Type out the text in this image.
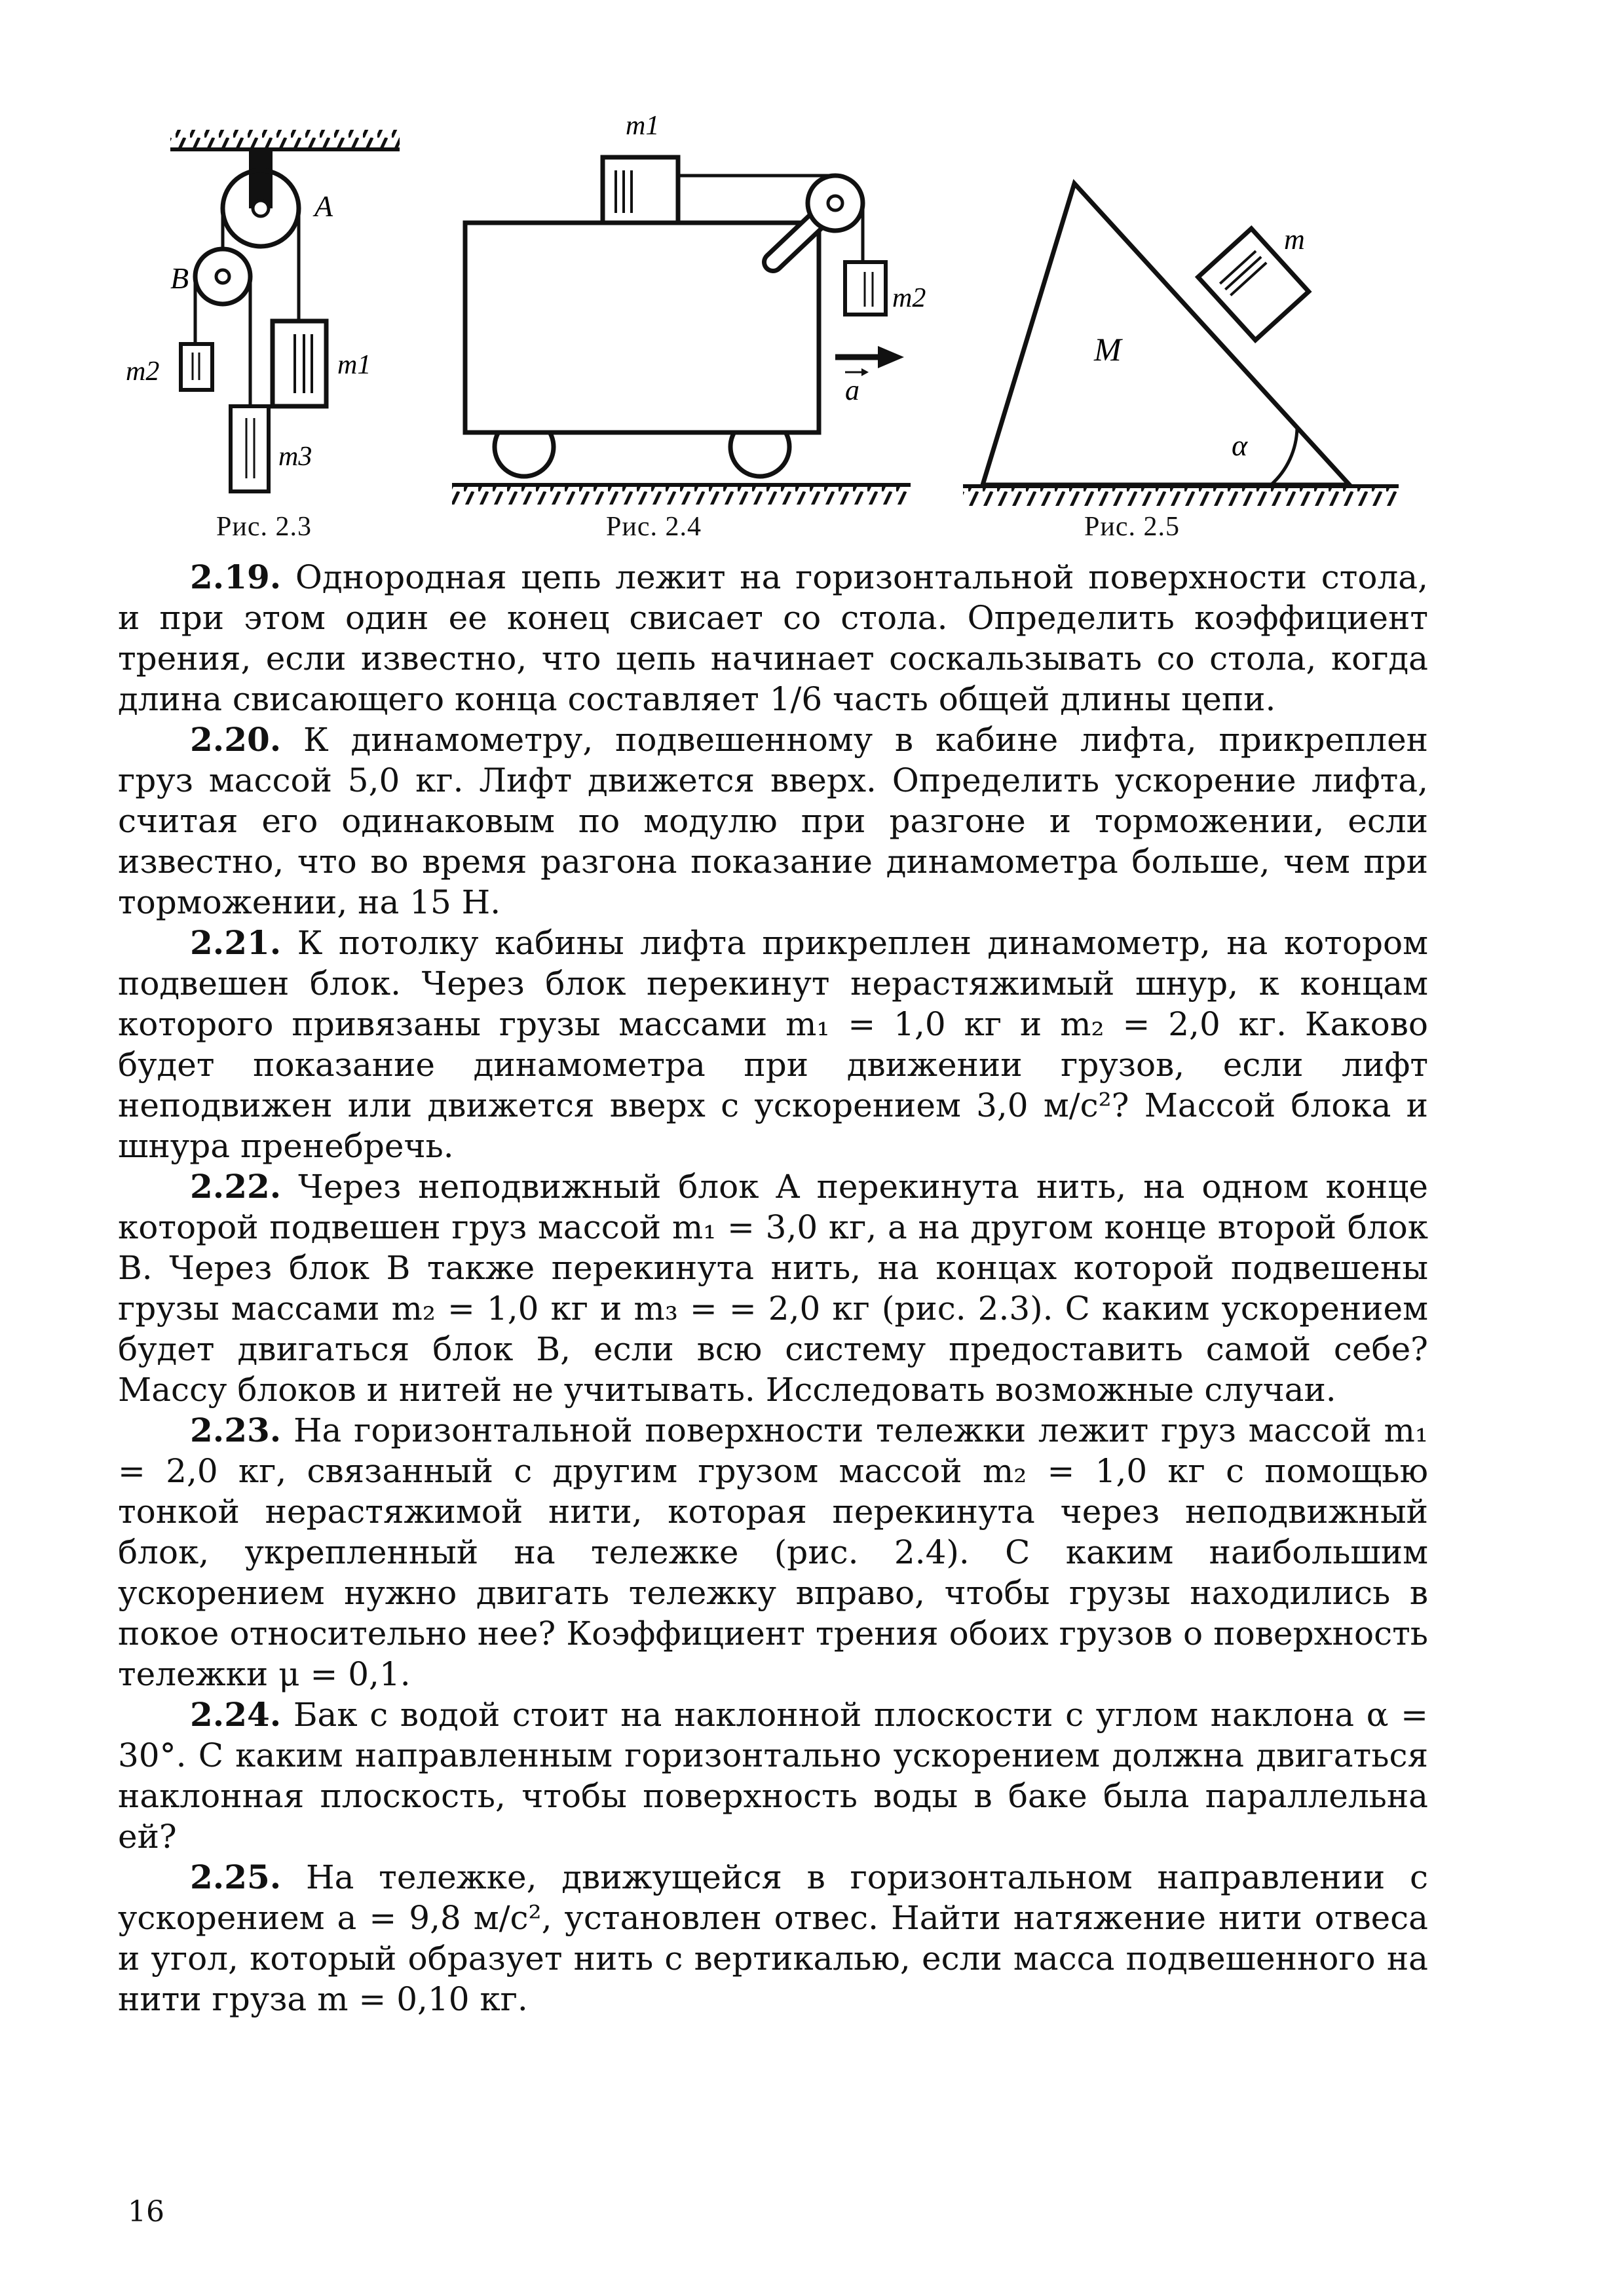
A
m1
B
m2
m3
m1
m2
a
M
m
α
Рис. 2.3	Рис. 2.4	Рис. 2.5

2.19. Однородная цепь лежит на горизонтальной поверхности стола, и при этом один ее конец свисает со стола. Определить коэффициент трения, если известно, что цепь начинает соскальзывать со стола, когда длина свисающего конца составляет 1/6 часть общей длины цепи.

2.20. К динамометру, подвешенному в кабине лифта, прикреплен груз массой 5,0 кг. Лифт движется вверх. Определить ускорение лифта, считая его одинаковым по модулю при разгоне и торможении, если известно, что во время разгона показание динамометра больше, чем при торможении, на 15 Н.

2.21. К потолку кабины лифта прикреплен динамометр, на котором подвешен блок. Через блок перекинут нерастяжимый шнур, к концам которого привязаны грузы массами m₁ = 1,0 кг и m₂ = 2,0 кг. Каково будет показание динамометра при движении грузов, если лифт неподвижен или движется вверх с ускорением 3,0 м/с²? Массой блока и шнура пренебречь.

2.22. Через неподвижный блок A перекинута нить, на одном конце которой подвешен груз массой m₁ = 3,0 кг, а на другом конце второй блок B. Через блок B также перекинута нить, на концах которой подвешены грузы массами m₂ = 1,0 кг и m₃ = = 2,0 кг (рис. 2.3). С каким ускорением будет двигаться блок B, если всю систему предоставить самой себе? Массу блоков и нитей не учитывать. Исследовать возможные случаи.

2.23. На горизонтальной поверхности тележки лежит груз массой m₁ = 2,0 кг, связанный с другим грузом массой m₂ = 1,0 кг с помощью тонкой нерастяжимой нити, которая перекинута через неподвижный блок, укрепленный на тележке (рис. 2.4). С каким наибольшим ускорением нужно двигать тележку вправо, чтобы грузы находились в покое относительно нее? Коэффициент трения обоих грузов о поверхность тележки μ = 0,1.

2.24. Бак с водой стоит на наклонной плоскости с углом наклона α = 30°. С каким направленным горизонтально ускорением должна двигаться наклонная плоскость, чтобы поверхность воды в баке была параллельна ей?

2.25. На тележке, движущейся в горизонтальном направлении с ускорением a = 9,8 м/с², установлен отвес. Найти натяжение нити отвеса и угол, который образует нить с вертикалью, если масса подвешенного на нити груза m = 0,10 кг.

16
